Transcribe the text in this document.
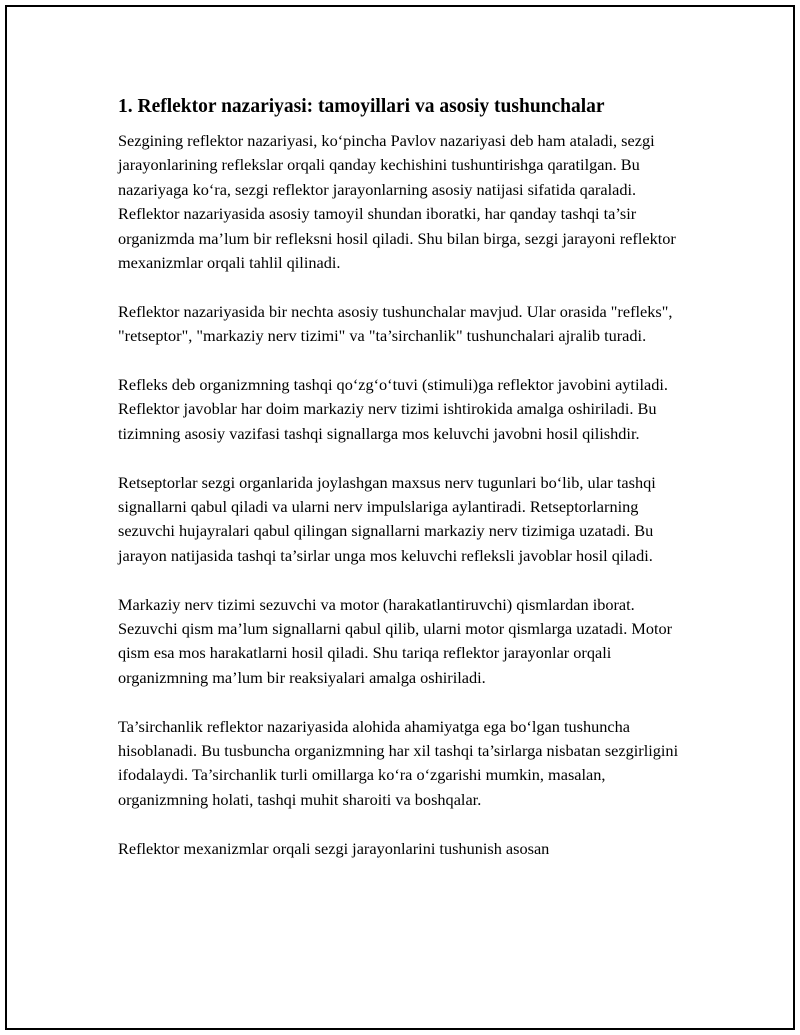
1. Reflektor nazariyasi: tamoyillari va asosiy tushunchalar

Sezgining reflektor nazariyasi, ko‘pincha Pavlov nazariyasi deb ham ataladi, sezgi jarayonlarining reflekslar orqali qanday kechishini tushuntirishga qaratilgan. Bu nazariyaga ko‘ra, sezgi reflektor jarayonlarning asosiy natijasi sifatida qaraladi. Reflektor nazariyasida asosiy tamoyil shundan iboratki, har qanday tashqi ta’sir organizmda ma’lum bir refleksni hosil qiladi. Shu bilan birga, sezgi jarayoni reflektor mexanizmlar orqali tahlil qilinadi.

Reflektor nazariyasida bir nechta asosiy tushunchalar mavjud. Ular orasida "refleks", "retseptor", "markaziy nerv tizimi" va "ta’sirchanlik" tushunchalari ajralib turadi.

Refleks deb organizmning tashqi qo‘zg‘o‘tuvi (stimuli)ga reflektor javobini aytiladi. Reflektor javoblar har doim markaziy nerv tizimi ishtirokida amalga oshiriladi. Bu tizimning asosiy vazifasi tashqi signallarga mos keluvchi javobni hosil qilishdir.

Retseptorlar sezgi organlarida joylashgan maxsus nerv tugunlari bo‘lib, ular tashqi signallarni qabul qiladi va ularni nerv impulslariga aylantiradi. Retseptorlarning sezuvchi hujayralari qabul qilingan signallarni markaziy nerv tizimiga uzatadi. Bu jarayon natijasida tashqi ta’sirlar unga mos keluvchi refleksli javoblar hosil qiladi.

Markaziy nerv tizimi sezuvchi va motor (harakatlantiruvchi) qismlardan iborat. Sezuvchi qism ma’lum signallarni qabul qilib, ularni motor qismlarga uzatadi. Motor qism esa mos harakatlarni hosil qiladi. Shu tariqa reflektor jarayonlar orqali organizmning ma’lum bir reaksiyalari amalga oshiriladi.

Ta’sirchanlik reflektor nazariyasida alohida ahamiyatga ega bo‘lgan tushuncha hisoblanadi. Bu tusbuncha organizmning har xil tashqi ta’sirlarga nisbatan sezgirligini ifodalaydi. Ta’sirchanlik turli omillarga ko‘ra o‘zgarishi mumkin, masalan, organizmning holati, tashqi muhit sharoiti va boshqalar.

Reflektor mexanizmlar orqali sezgi jarayonlarini tushunish asosan
